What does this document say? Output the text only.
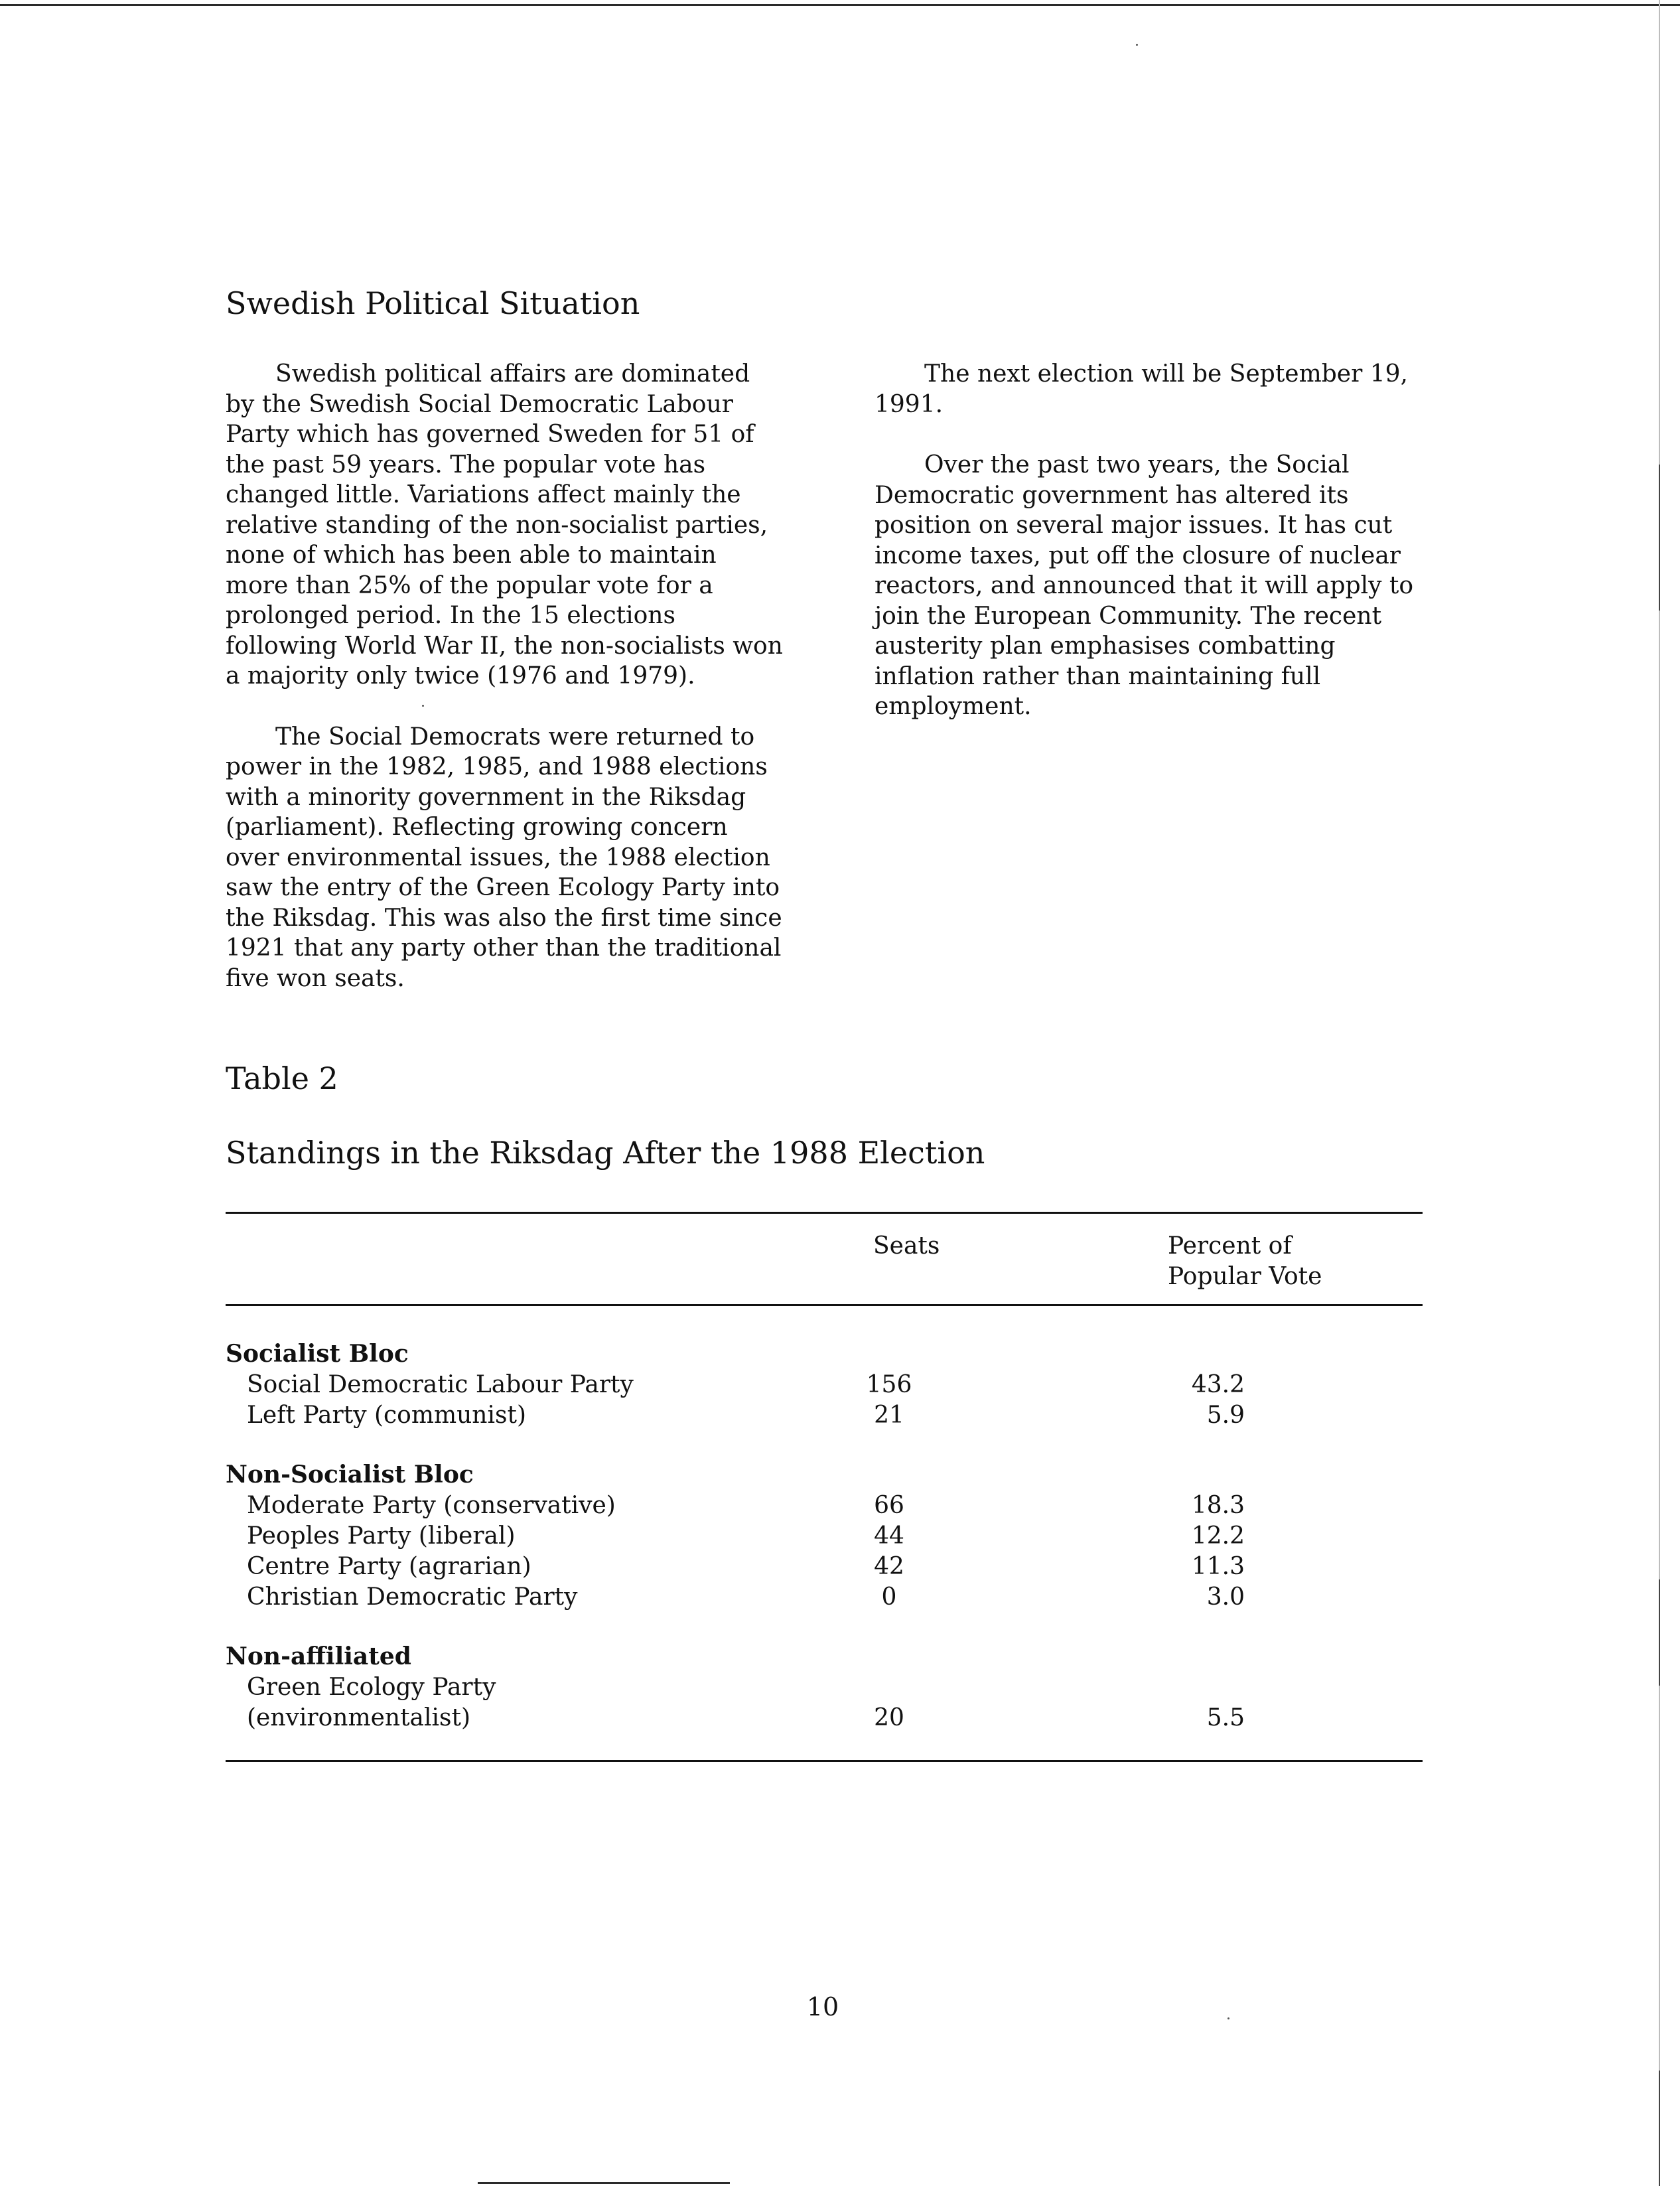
Swedish Political Situation

Swedish political affairs are dominated by the Swedish Social Democratic Labour Party which has governed Sweden for 51 of the past 59 years. The popular vote has changed little. Variations affect mainly the relative standing of the non-socialist parties, none of which has been able to maintain more than 25% of the popular vote for a prolonged period. In the 15 elections following World War II, the non-socialists won a majority only twice (1976 and 1979).

The Social Democrats were returned to power in the 1982, 1985, and 1988 elections with a minority government in the Riksdag (parliament). Reflecting growing concern over environmental issues, the 1988 election saw the entry of the Green Ecology Party into the Riksdag. This was also the first time since 1921 that any party other than the traditional five won seats.

The next election will be September 19, 1991.

Over the past two years, the Social Democratic government has altered its position on several major issues. It has cut income taxes, put off the closure of nuclear reactors, and announced that it will apply to join the European Community. The recent austerity plan emphasises combatting inflation rather than maintaining full employment.

Table 2
Standings in the Riksdag After the 1988 Election
Seats	Percent of Popular Vote
Socialist Bloc
Social Democratic Labour Party	156	43.2
Left Party (communist)	21	5.9
Non-Socialist Bloc
Moderate Party (conservative)	66	18.3
Peoples Party (liberal)	44	12.2
Centre Party (agrarian)	42	11.3
Christian Democratic Party	0	3.0
Non-affiliated
Green Ecology Party
(environmentalist)	20	5.5
10
